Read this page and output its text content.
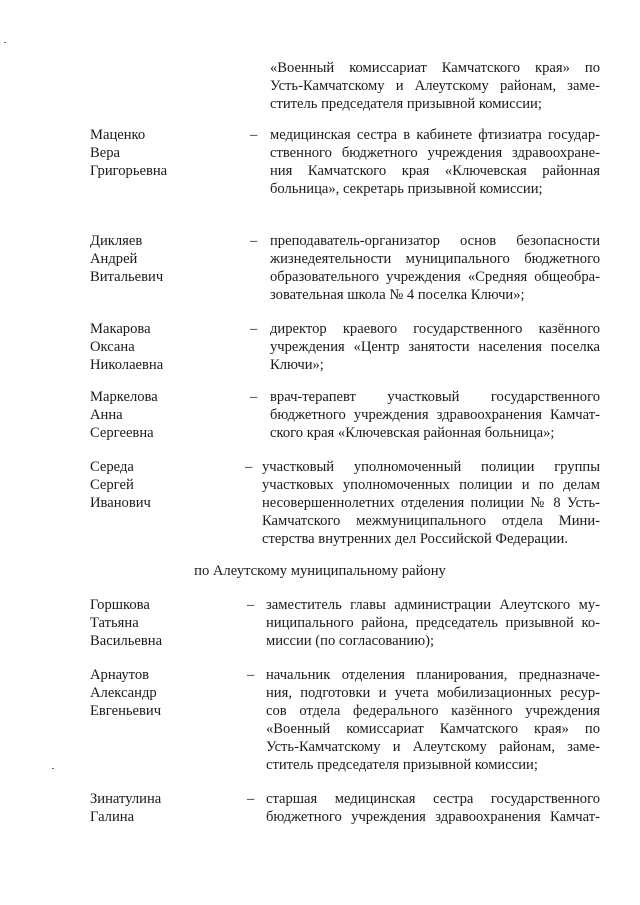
«Военный комиссариат Камчатского края» по
Усть-Камчатскому и Алеутскому районам, заме-
ститель председателя призывной комиссии;
Маценко
Вера
Григорьевна
– медицинская сестра в кабинете фтизиатра государ-
ственного бюджетного учреждения здравоохране-
ния Камчатского края «Ключевская районная
больница», секретарь призывной комиссии;
Дикляев
Андрей
Витальевич
– преподаватель-организатор основ безопасности
жизнедеятельности муниципального бюджетного
образовательного учреждения «Средняя общеобра-
зовательная школа № 4 поселка Ключи»;
Макарова
Оксана
Николаевна
– директор краевого государственного казённого
учреждения «Центр занятости населения поселка
Ключи»;
Маркелова
Анна
Сергеевна
– врач-терапевт участковый государственного
бюджетного учреждения здравоохранения Камчат-
ского края «Ключевская районная больница»;
Середа
Сергей
Иванович
– участковый уполномоченный полиции группы
участковых уполномоченных полиции и по делам
несовершеннолетних отделения полиции № 8 Усть-
Камчатского межмуниципального отдела Мини-
стерства внутренних дел Российской Федерации.
по Алеутскому муниципальному району
Горшкова
Татьяна
Васильевна
– заместитель главы администрации Алеутского му-
ниципального района, председатель призывной ко-
миссии (по согласованию);
Арнаутов
Александр
Евгеньевич
– начальник отделения планирования, предназначе-
ния, подготовки и учета мобилизационных ресур-
сов отдела федерального казённого учреждения
«Военный комиссариат Камчатского края» по
Усть-Камчатскому и Алеутскому районам, заме-
ститель председателя призывной комиссии;
Зинатулина
Галина
– старшая медицинская сестра государственного
бюджетного учреждения здравоохранения Камчат-
